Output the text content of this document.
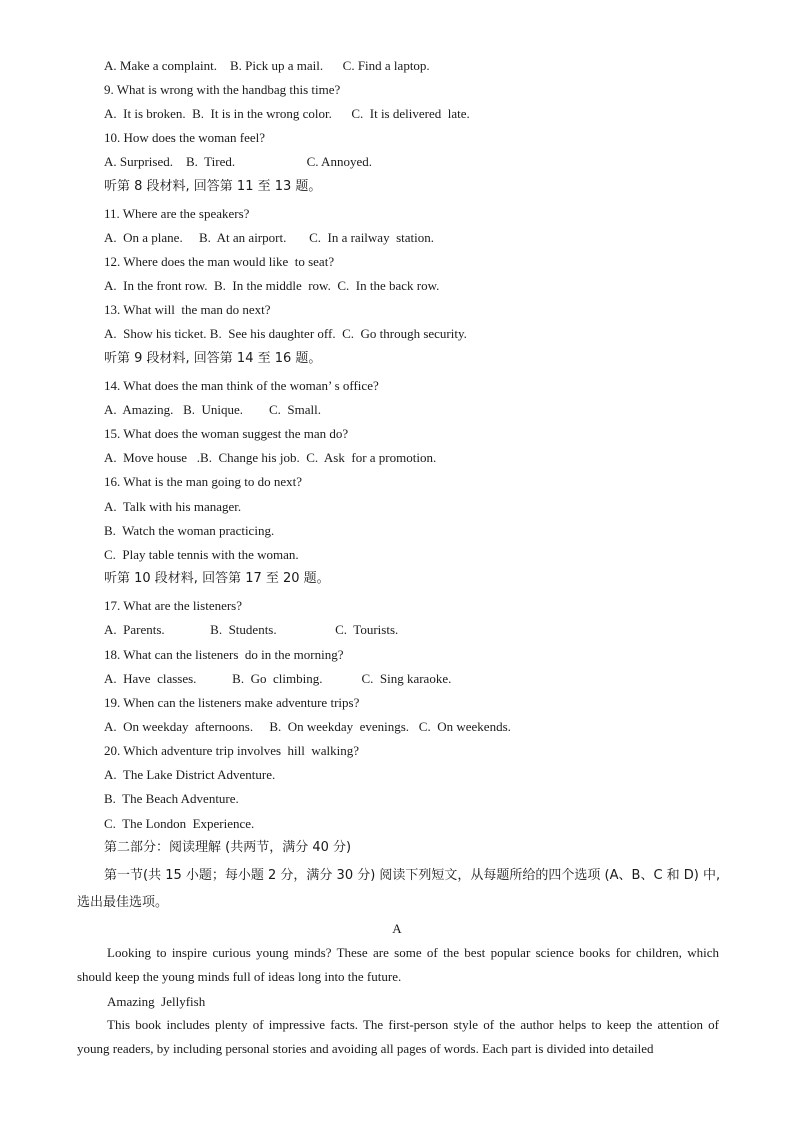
A. Make a complaint.    B. Pick up a mail.      C. Find a laptop.
9. What is wrong with the handbag this time?
A.  It is broken.  B.  It is in the wrong color.      C.  It is delivered  late.
10. How does the woman feel?
A. Surprised.    B.  Tired.                      C. Annoyed.
听第 8 段材料, 回答第 11 至 13 题。
11. Where are the speakers?
A.  On a plane.     B.  At an airport.       C.  In a railway  station.
12. Where does the man would like  to seat?
A.  In the front row.  B.  In the middle  row.  C.  In the back row.
13. What will  the man do next?
A.  Show his ticket. B.  See his daughter off.  C.  Go through security.
听第 9 段材料, 回答第 14 至 16 题。
14. What does the man think of the woman’ s office?
A.  Amazing.   B.  Unique.        C.  Small.
15. What does the woman suggest the man do?
A.  Move house   .B.  Change his job.  C.  Ask  for a promotion.
16. What is the man going to do next?
A.  Talk with his manager.
B.  Watch the woman practicing.
C.  Play table tennis with the woman.
听第 10 段材料, 回答第 17 至 20 题。
17. What are the listeners?
A.  Parents.              B.  Students.                  C.  Tourists.
18. What can the listeners  do in the morning?
A.  Have  classes.           B.  Go  climbing.            C.  Sing karaoke.
19. When can the listeners make adventure trips?
A.  On weekday  afternoons.     B.  On weekday  evenings.   C.  On weekends.
20. Which adventure trip involves  hill  walking?
A.  The Lake District Adventure.
B.  The Beach Adventure.
C.  The London  Experience.
第二部分：阅读理解 (共两节，满分 40 分)
第一节(共 15 小题；每小题 2 分，满分 30 分) 阅读下列短文，从每题所给的四个选项 (A、B、C 和 D) 中, 选出最佳选项。
A
Looking to inspire curious young minds? These are some of the best popular science books for children, which should keep the young minds full of ideas long into the future.
Amazing  Jellyfish
This book includes plenty of impressive facts. The first-person style of the author helps to keep the attention of young readers, by including personal stories and avoiding all pages of words. Each part is divided into detailed
